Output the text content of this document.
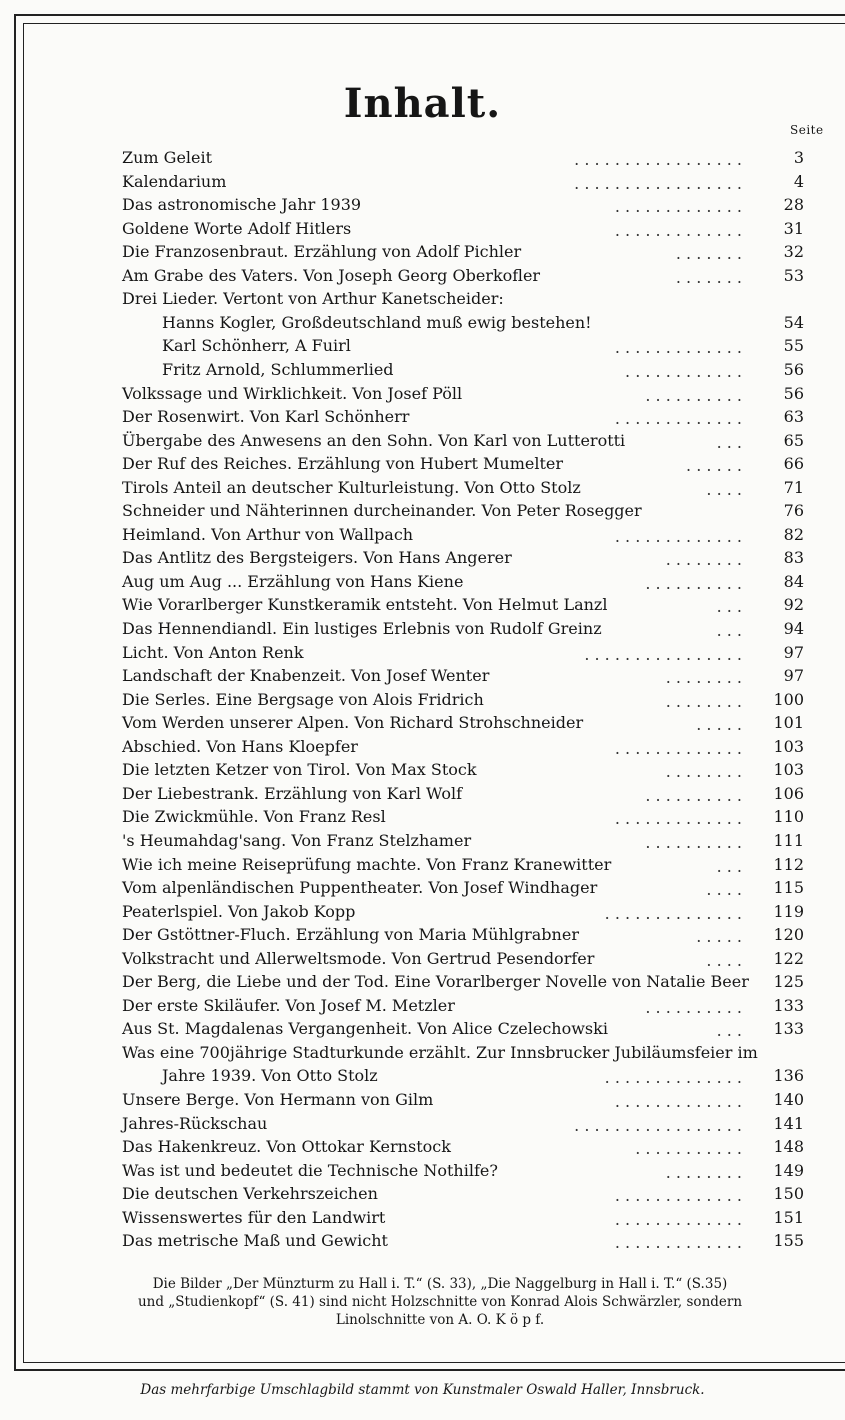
Inhalt.
Seite
Zum Geleit	. . . . . . . . . . . . . . . . .	3
Kalendarium	. . . . . . . . . . . . . . . . .	4
Das astronomische Jahr 1939	. . . . . . . . . . . . .	28
Goldene Worte Adolf Hitlers	. . . . . . . . . . . . .	31
Die Franzosenbraut. Erzählung von Adolf Pichler	. . . . . . .	32
Am Grabe des Vaters. Von Joseph Georg Oberkofler	. . . . . . .	53
Drei Lieder. Vertont von Arthur Kanetscheider:
Hanns Kogler, Großdeutschland muß ewig bestehen!	54
Karl Schönherr, A Fuirl	. . . . . . . . . . . . .	55
Fritz Arnold, Schlummerlied	. . . . . . . . . . . .	56
Volkssage und Wirklichkeit. Von Josef Pöll	. . . . . . . . . .	56
Der Rosenwirt. Von Karl Schönherr	. . . . . . . . . . . . .	63
Übergabe des Anwesens an den Sohn. Von Karl von Lutterotti	. . .	65
Der Ruf des Reiches. Erzählung von Hubert Mumelter	. . . . . .	66
Tirols Anteil an deutscher Kulturleistung. Von Otto Stolz	. . . .	71
Schneider und Nähterinnen durcheinander. Von Peter Rosegger	76
Heimland. Von Arthur von Wallpach	. . . . . . . . . . . . .	82
Das Antlitz des Bergsteigers. Von Hans Angerer	. . . . . . . .	83
Aug um Aug ... Erzählung von Hans Kiene	. . . . . . . . . .	84
Wie Vorarlberger Kunstkeramik entsteht. Von Helmut Lanzl	. . .	92
Das Hennendiandl. Ein lustiges Erlebnis von Rudolf Greinz	. . .	94
Licht. Von Anton Renk	. . . . . . . . . . . . . . . .	97
Landschaft der Knabenzeit. Von Josef Wenter	. . . . . . . .	97
Die Serles. Eine Bergsage von Alois Fridrich	. . . . . . . .	100
Vom Werden unserer Alpen. Von Richard Strohschneider	. . . . .	101
Abschied. Von Hans Kloepfer	. . . . . . . . . . . . .	103
Die letzten Ketzer von Tirol. Von Max Stock	. . . . . . . .	103
Der Liebestrank. Erzählung von Karl Wolf	. . . . . . . . . .	106
Die Zwickmühle. Von Franz Resl	. . . . . . . . . . . . .	110
's Heumahdag'sang. Von Franz Stelzhamer	. . . . . . . . . .	111
Wie ich meine Reiseprüfung machte. Von Franz Kranewitter	. . .	112
Vom alpenländischen Puppentheater. Von Josef Windhager	. . . .	115
Peaterlspiel. Von Jakob Kopp	. . . . . . . . . . . . . .	119
Der Gstöttner-Fluch. Erzählung von Maria Mühlgrabner	. . . . .	120
Volkstracht und Allerweltsmode. Von Gertrud Pesendorfer	. . . .	122
Der Berg, die Liebe und der Tod. Eine Vorarlberger Novelle von Natalie Beer	125
Der erste Skiläufer. Von Josef M. Metzler	. . . . . . . . . .	133
Aus St. Magdalenas Vergangenheit. Von Alice Czelechowski	. . .	133
Was eine 700jährige Stadturkunde erzählt. Zur Innsbrucker Jubiläumsfeier im
Jahre 1939. Von Otto Stolz	. . . . . . . . . . . . . .	136
Unsere Berge. Von Hermann von Gilm	. . . . . . . . . . . . .	140
Jahres-Rückschau	. . . . . . . . . . . . . . . . .	141
Das Hakenkreuz. Von Ottokar Kernstock	. . . . . . . . . . .	148
Was ist und bedeutet die Technische Nothilfe?	. . . . . . . .	149
Die deutschen Verkehrszeichen	. . . . . . . . . . . . .	150
Wissenswertes für den Landwirt	. . . . . . . . . . . . .	151
Das metrische Maß und Gewicht	. . . . . . . . . . . . .	155
Die Bilder „Der Münzturm zu Hall i. T.“ (S. 33), „Die Naggelburg in Hall i. T.“ (S.35)
und „Studienkopf“ (S. 41) sind nicht Holzschnitte von Konrad Alois Schwärzler, sondern
Linolschnitte von A. O. K ö p f.
Das mehrfarbige Umschlagbild stammt von Kunstmaler Oswald Haller, Innsbruck.
